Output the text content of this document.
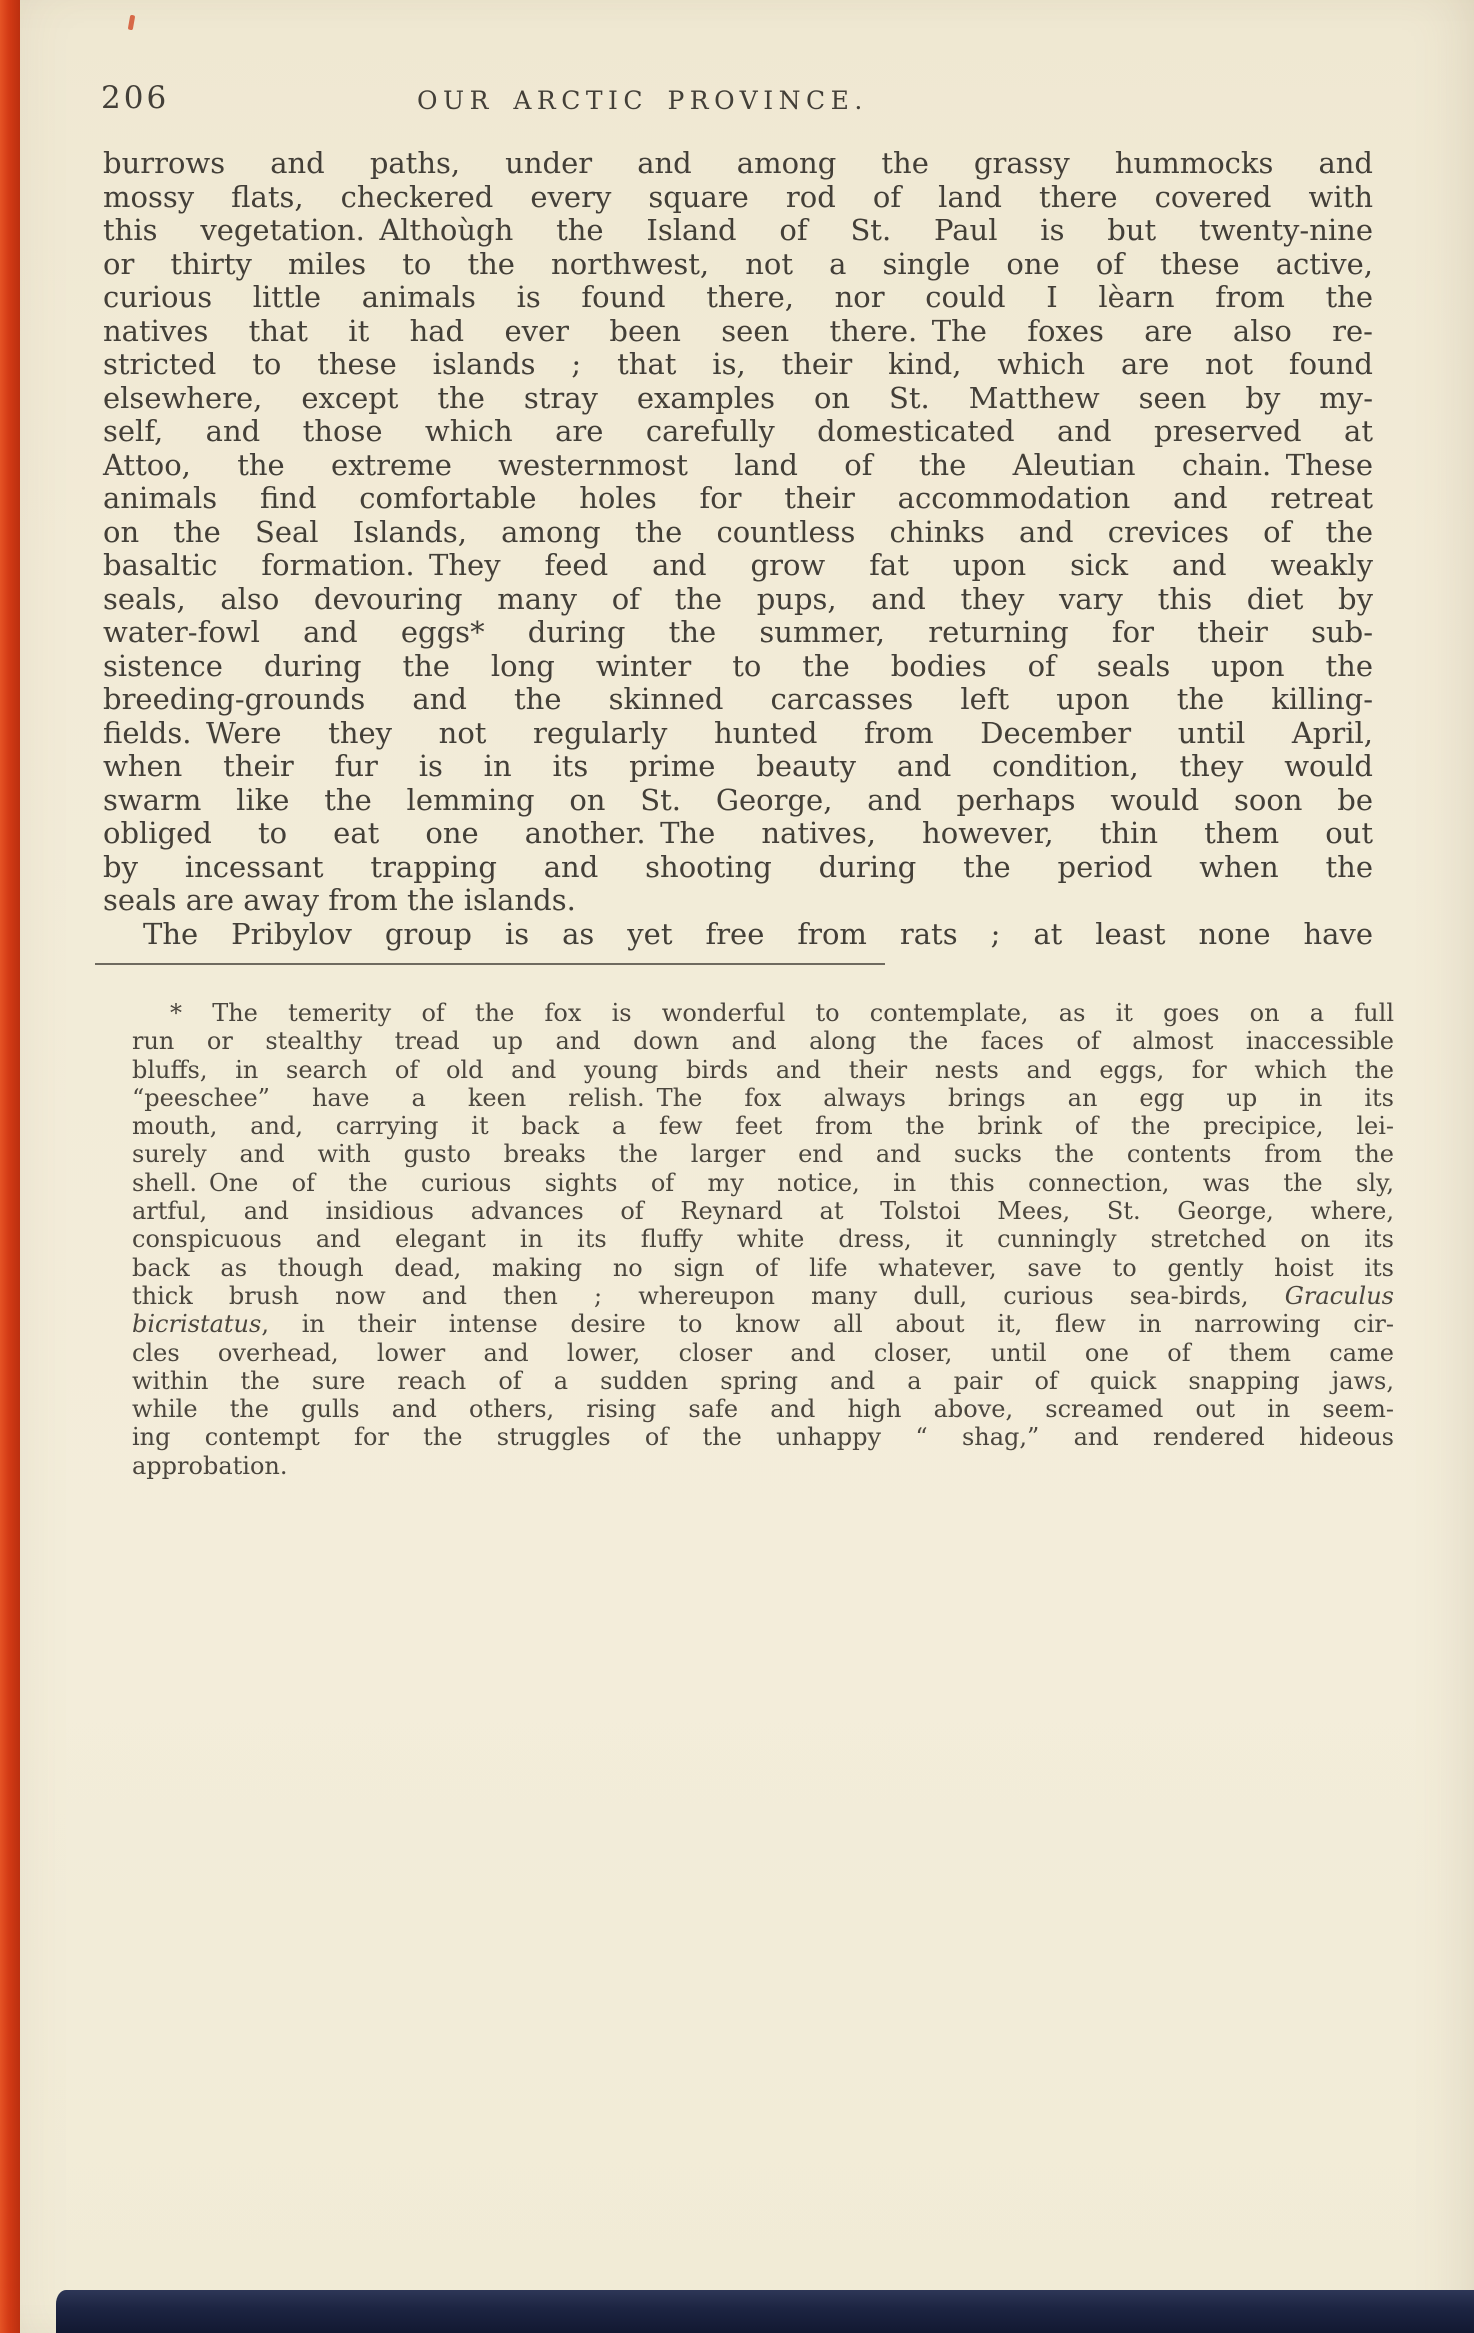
206	OUR ARCTIC PROVINCE.
burrows and paths, under and among the grassy hummocks and
mossy flats, checkered every square rod of land there covered with
this vegetation. Althoùgh the Island of St. Paul is but twenty-nine
or thirty miles to the northwest, not a single one of these active,
curious little animals is found there, nor could I lèarn from the
natives that it had ever been seen there. The foxes are also re-
stricted to these islands ; that is, their kind, which are not found
elsewhere, except the stray examples on St. Matthew seen by my-
self, and those which are carefully domesticated and preserved at
Attoo, the extreme westernmost land of the Aleutian chain. These
animals find comfortable holes for their accommodation and retreat
on the Seal Islands, among the countless chinks and crevices of the
basaltic formation. They feed and grow fat upon sick and weakly
seals, also devouring many of the pups, and they vary this diet by
water-fowl and eggs* during the summer, returning for their sub-
sistence during the long winter to the bodies of seals upon the
breeding-grounds and the skinned carcasses left upon the killing-
fields. Were they not regularly hunted from December until April,
when their fur is in its prime beauty and condition, they would
swarm like the lemming on St. George, and perhaps would soon be
obliged to eat one another. The natives, however, thin them out
by incessant trapping and shooting during the period when the
seals are away from the islands.
The Pribylov group is as yet free from rats ; at least none have
* The temerity of the fox is wonderful to contemplate, as it goes on a full
run or stealthy tread up and down and along the faces of almost inaccessible
bluffs, in search of old and young birds and their nests and eggs, for which the
“peeschee” have a keen relish. The fox always brings an egg up in its
mouth, and, carrying it back a few feet from the brink of the precipice, lei-
surely and with gusto breaks the larger end and sucks the contents from the
shell. One of the curious sights of my notice, in this connection, was the sly,
artful, and insidious advances of Reynard at Tolstoi Mees, St. George, where,
conspicuous and elegant in its fluffy white dress, it cunningly stretched on its
back as though dead, making no sign of life whatever, save to gently hoist its
thick brush now and then ; whereupon many dull, curious sea-birds, Graculus
bicristatus, in their intense desire to know all about it, flew in narrowing cir-
cles overhead, lower and lower, closer and closer, until one of them came
within the sure reach of a sudden spring and a pair of quick snapping jaws,
while the gulls and others, rising safe and high above, screamed out in seem-
ing contempt for the struggles of the unhappy “ shag,” and rendered hideous
approbation.
